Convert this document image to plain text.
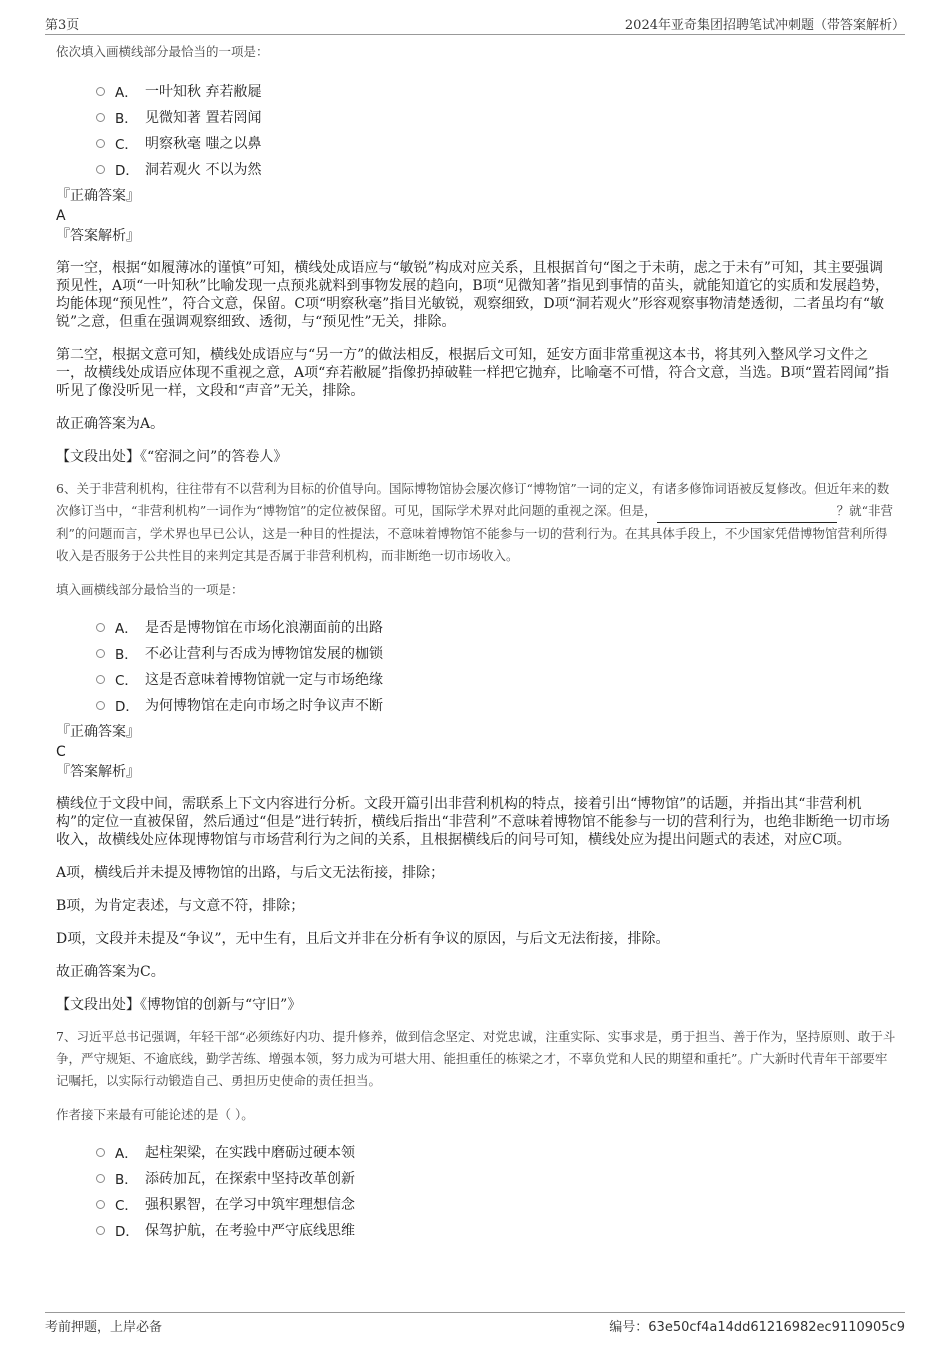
第3页	2024年亚奇集团招聘笔试冲刺题（带答案解析）
依次填入画横线部分最恰当的一项是：
A． 一叶知秋 弃若敝屣
B． 见微知著 置若罔闻
C． 明察秋毫 嗤之以鼻
D． 洞若观火 不以为然
『正确答案』
A
『答案解析』

第一空，根据“如履薄冰的谨慎”可知，横线处成语应与“敏锐”构成对应关系，且根据首句“图之于未萌，虑之于未有”可知，其主要强调预见性，A项“一叶知秋”比喻发现一点预兆就料到事物发展的趋向，B项“见微知著”指见到事情的苗头，就能知道它的实质和发展趋势，均能体现“预见性”，符合文意，保留。C项“明察秋毫”指目光敏锐，观察细致，D项“洞若观火”形容观察事物清楚透彻，二者虽均有“敏锐”之意，但重在强调观察细致、透彻，与“预见性”无关，排除。

第二空，根据文意可知，横线处成语应与“另一方”的做法相反，根据后文可知，延安方面非常重视这本书，将其列入整风学习文件之一，故横线处成语应体现不重视之意，A项“弃若敝屣”指像扔掉破鞋一样把它抛弃，比喻毫不可惜，符合文意，当选。B项“置若罔闻”指听见了像没听见一样，文段和“声音”无关，排除。

故正确答案为A。

【文段出处】《“窑洞之问”的答卷人》

6、关于非营利机构，往往带有不以营利为目标的价值导向。国际博物馆协会屡次修订“博物馆”一词的定义，有诸多修饰词语被反复修改。但近年来的数次修订当中，“非营利机构”一词作为“博物馆”的定位被保留。可见，国际学术界对此问题的重视之深。但是，	？就“非营利”的问题而言，学术界也早已公认，这是一种目的性提法，不意味着博物馆不能参与一切的营利行为。在其具体手段上，不少国家凭借博物馆营利所得收入是否服务于公共性目的来判定其是否属于非营利机构，而非断绝一切市场收入。
填入画横线部分最恰当的一项是：
A． 是否是博物馆在市场化浪潮面前的出路
B． 不必让营利与否成为博物馆发展的枷锁
C． 这是否意味着博物馆就一定与市场绝缘
D． 为何博物馆在走向市场之时争议声不断
『正确答案』
C
『答案解析』

横线位于文段中间，需联系上下文内容进行分析。文段开篇引出非营利机构的特点，接着引出“博物馆”的话题，并指出其“非营利机构”的定位一直被保留，然后通过“但是”进行转折，横线后指出“非营利”不意味着博物馆不能参与一切的营利行为，也绝非断绝一切市场收入，故横线处应体现博物馆与市场营利行为之间的关系，且根据横线后的问号可知，横线处应为提出问题式的表述，对应C项。

A项，横线后并未提及博物馆的出路，与后文无法衔接，排除；

B项，为肯定表述，与文意不符，排除；

D项，文段并未提及“争议”，无中生有，且后文并非在分析有争议的原因，与后文无法衔接，排除。

故正确答案为C。

【文段出处】《博物馆的创新与“守旧”》

7、习近平总书记强调，年轻干部“必须练好内功、提升修养，做到信念坚定、对党忠诚，注重实际、实事求是，勇于担当、善于作为，坚持原则、敢于斗争，严守规矩、不逾底线，勤学苦练、增强本领，努力成为可堪大用、能担重任的栋梁之才，不辜负党和人民的期望和重托”。广大新时代青年干部要牢记嘱托，以实际行动锻造自己、勇担历史使命的责任担当。
作者接下来最有可能论述的是（ ）。
A． 起柱架梁，在实践中磨砺过硬本领
B． 添砖加瓦，在探索中坚持改革创新
C． 强积累智，在学习中筑牢理想信念
D． 保驾护航，在考验中严守底线思维
考前押题，上岸必备	编号：63e50cf4a14dd61216982ec9110905c9
